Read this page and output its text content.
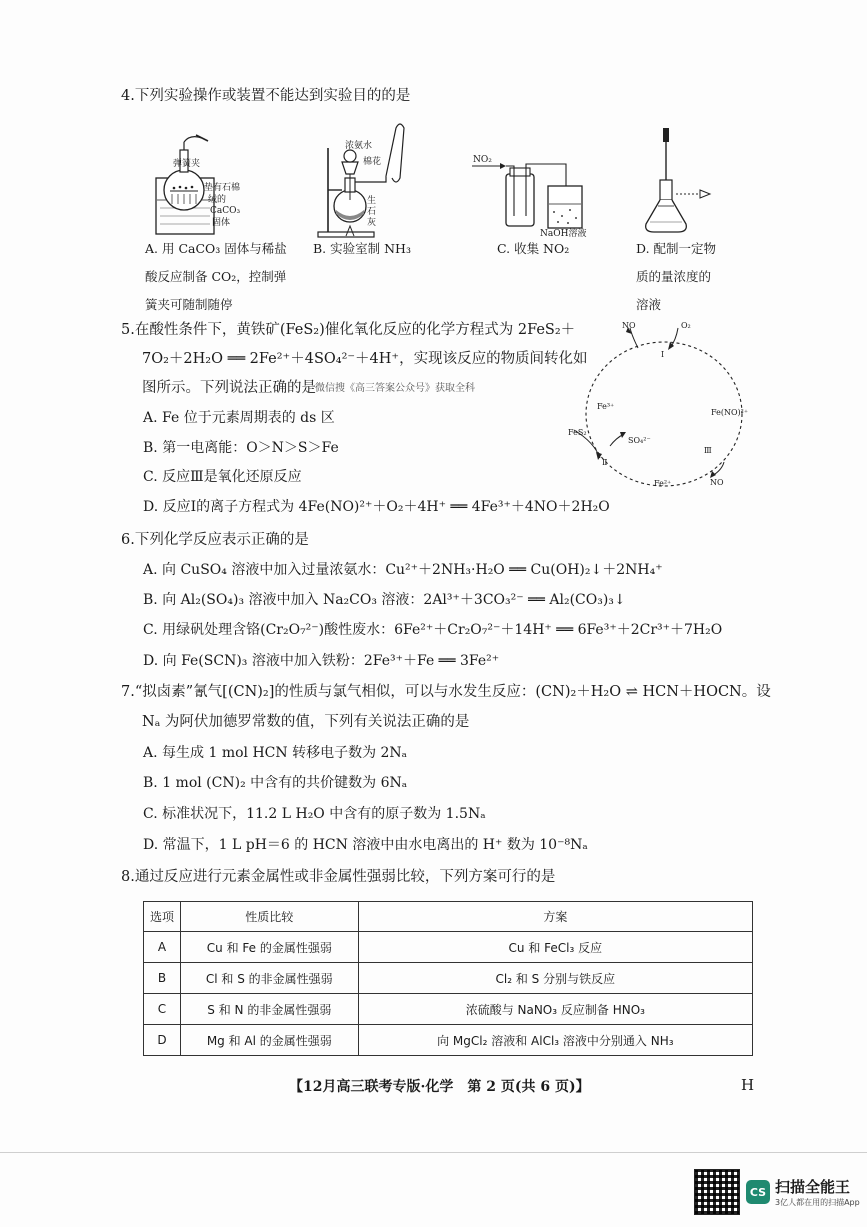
4.下列实验操作或装置不能达到实验目的的是
弹簧夹
垫有石棉
绒的
CaCO₃
固体
浓氨水
棉花
生
石
灰
NO₂
NaOH溶液
A. 用 CaCO₃ 固体与稀盐
酸反应制备 CO₂，控制弹
簧夹可随制随停
B. 实验室制 NH₃	C. 收集 NO₂	D. 配制一定物
质的量浓度的
溶液
5.在酸性条件下，黄铁矿(FeS₂)催化氧化反应的化学方程式为 2FeS₂＋
7O₂＋2H₂O ══ 2Fe²⁺＋4SO₄²⁻＋4H⁺，实现该反应的物质间转化如
图所示。下列说法正确的是 微信搜《高三答案公众号》获取全科
A. Fe 位于元素周期表的 ds 区
B. 第一电离能：O＞N＞S＞Fe
C. 反应Ⅲ是氧化还原反应
D. 反应Ⅰ的离子方程式为 4Fe(NO)²⁺＋O₂＋4H⁺ ══ 4Fe³⁺＋4NO＋2H₂O
NO	O₂
Ⅰ
Fe³⁺
Fe(NO)²⁺
FeS₂
SO₄²⁻
Ⅱ
Ⅲ
Fe²⁺	NO
6.下列化学反应表示正确的是
A. 向 CuSO₄ 溶液中加入过量浓氨水：Cu²⁺＋2NH₃·H₂O ══ Cu(OH)₂↓＋2NH₄⁺
B. 向 Al₂(SO₄)₃ 溶液中加入 Na₂CO₃ 溶液：2Al³⁺＋3CO₃²⁻ ══ Al₂(CO₃)₃↓
C. 用绿矾处理含铬(Cr₂O₇²⁻)酸性废水：6Fe²⁺＋Cr₂O₇²⁻＋14H⁺ ══ 6Fe³⁺＋2Cr³⁺＋7H₂O
D. 向 Fe(SCN)₃ 溶液中加入铁粉：2Fe³⁺＋Fe ══ 3Fe²⁺
7.“拟卤素”氰气[(CN)₂]的性质与氯气相似，可以与水发生反应：(CN)₂＋H₂O ⇌ HCN＋HOCN。设
Nₐ 为阿伏加德罗常数的值，下列有关说法正确的是
A. 每生成 1 mol HCN 转移电子数为 2Nₐ
B. 1 mol (CN)₂ 中含有的共价键数为 6Nₐ
C. 标准状况下，11.2 L H₂O 中含有的原子数为 1.5Nₐ
D. 常温下，1 L pH＝6 的 HCN 溶液中由水电离出的 H⁺ 数为 10⁻⁸Nₐ
8.通过反应进行元素金属性或非金属性强弱比较，下列方案可行的是
选项	性质比较	方案
A	Cu 和 Fe 的金属性强弱	Cu 和 FeCl₃ 反应
B	Cl 和 S 的非金属性强弱	Cl₂ 和 S 分别与铁反应
C	S 和 N 的非金属性强弱	浓硫酸与 NaNO₃ 反应制备 HNO₃
D	Mg 和 Al 的金属性强弱	向 MgCl₂ 溶液和 AlCl₃ 溶液中分别通入 NH₃
【12月高三联考专版·化学　第 2 页(共 6 页)】	H
CS 扫描全能王
3亿人都在用的扫描App
